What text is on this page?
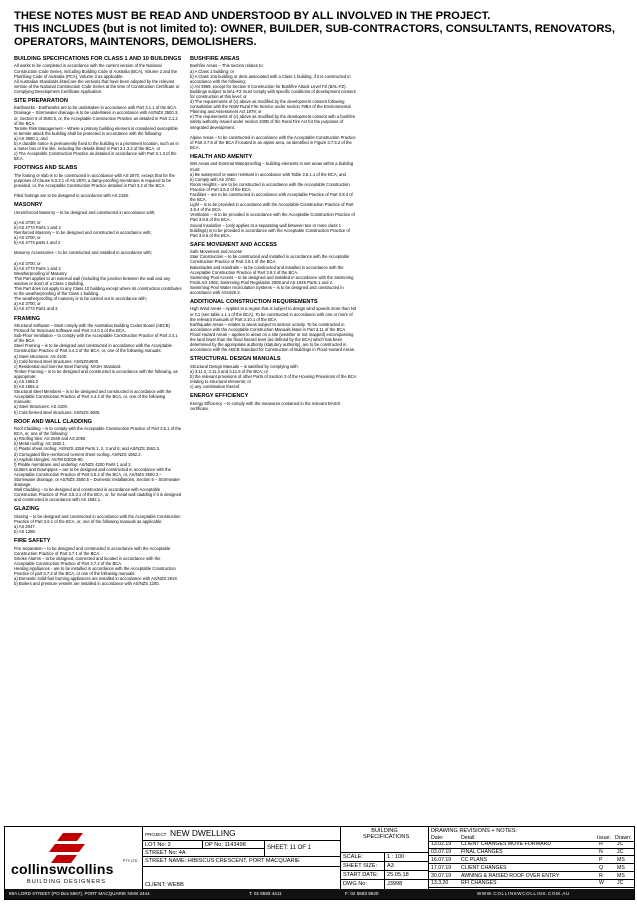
THESE NOTES MUST BE READ AND UNDERSTOOD BY ALL INVOLVED IN THE PROJECT.
THIS INCLUDES (but is not limited to): OWNER, BUILDER, SUB-CONTRACTORS, CONSULTANTS, RENOVATORS, OPERATORS, MAINTENORS, DEMOLISHERS.
BUILDING SPECIFICATIONS FOR CLASS 1 AND 10 BUILDINGS
All works to be completed in accordance with the current version of the National Construction Code Series, including Building Code of Australia (BCA), Volume 2 and the Plumbing Code of Australia (PCA), Volume 3 as applicable.
All Australian Standards listed are the versions that have been adopted by the relevant version of the National Construction Code Series at the time of Construction Certificate or Complying Development Certificate Application.
SITE PREPARATION
Earthworks - Earthworks are to be undertaken in accordance with Part 3.1.1 of the BCA.
Drainage – Stormwater drainage is to be undertaken in accordance with AS/NZS 3500.3, or, Section 5 of 3500.5, or, the Acceptable Construction Practice as detailed in Part 3.1.2 of the BCA.
Termite Risk Management – Where a primary building element is considered susceptible to termite attack the building shall be protected in accordance with the following:
a) AS 3660.1; and
b) A durable notice is permanently fixed to the building in a prominent location, such as in a meter box or the like, including the details listed in Part 3.1.3.2 of the BCA, or
c) The Acceptable Construction Practice as detailed in accordance with Part 3.1.3 of the BCA.
FOOTINGS AND SLABS
The footing or slab is to be constructed in accordance with AS 2870, except that for the purposes of Clause 5.3.3.1 of AS 2870, a damp-proofing membrane is required to be provided, or, the Acceptable Construction Practice detailed in Part 3.2 of the BCA.

Piled footings are to be designed in accordance with AS 2159.
MASONRY
Unreinforced Masonry – to be designed and constructed in accordance with;

a) AS 3700; or
b) AS 4773 Parts 1 and 2
Reinforced Masonry – to be designed and constructed in accordance with;
a) AS 3700; or
b) AS 4773 parts 1 and 2

Masonry Accessories – to be constructed and installed in accordance with;

a) AS 3700; or
b) AS 4773 Parts 1 and 2
Weatherproofing of Masonry
This Part applies to an external wall (including the junction between the wall and any window or door) of a Class 1 Building.
This Part does not apply to any Class 10 building except where its construction contributes to the weatherproofing of the Class 1 building.
The weatherproofing of masonry is to be carried out in accordance with;
a) AS 3700; or
b) AS 4773 Part1 and 2
FRAMING
Structural Software – Must comply with the Australian Building Codes Board (ABCB) Protocol for Structural Software and Part 3.4.0.2 of the BCA.
Sub-Floor Ventilation – to comply with the Acceptable Construction Practice of Part 3.4.1 of the BCA.
Steel Framing – is to be designed and constructed in accordance with the Acceptable Construction Practice of Part 3.4.2 of the BCA, or, one of the following manuals:
a) Steel structures: AS 4100.
b) Cold-formed steel structures: AS/NZS4600.
c) Residential and low-rise steel framing: NASH Standard.
Timber Framing – is to be designed and constructed in accordance with the following, as appropriate:
a) AS 1684.2
b) AS 1684.4.
Structural Steel Members – is to be designed and constructed in accordance with the Acceptable Construction Practice of Part 3.4.4 of the BCA, or, one of the following manuals:
a) Steel Structures: AS 4100.
b) Cold-formed steel structures: AS/NZS 4600.
ROOF AND WALL CLADDING
Roof Cladding – is to comply with the Acceptable Construction Practice of Part 3.5.1 of the BCA, or, one of the following:
a) Roofing tiles: AS 2049 and AS 2050.
b) Metal roofing: AS 1562.1.
c) Plastic sheet roofing: AS/NZS 4256 Parts 1, 2, 3 and 5; and AS/NZS 1562.3.
d) Corrugated fibre-reinforced cement sheet roofing: AS/NZS 1562.2.
e) Asphalt shingles: ASTM D3018-90.
f) Pliable membrane and underlay: AS/NZS 4200 Parts 1 and 2.
Gutters and Downpipes – are to be designed and constructed in accordance with the Acceptable Construction Practice of Part 3.5.2 of the BCA, or, AS/NZS 3500.3 – Stormwater drainage, or AS/NZS 3500.5 – Domestic installations, Section 5 – Stormwater drainage.
Wall Cladding – to be designed and constructed in accordance with Acceptable Construction Practice of Part 3.5.3.1 of the BCA, or, for metal wall cladding if it is designed and constructed in accordance with AS 1562.1.
GLAZING
Glazing – to be designed and constructed in accordance with the Acceptable Construction Practice of Part 3.6.1 of the BCA, or, one of the following manuals as applicable:
a) AS 2047.
b) AS 1288.
FIRE SAFETY
Fire Separation – to be designed and constructed in accordance with the Acceptable Construction Practice of Part 3.7.1 of the BCA.
Smoke Alarms – to be designed, connected and located in accordance with the Acceptable Construction Practice of Part 3.7.2 of the BCA.
Heating Appliances - are to be installed in accordance with the Acceptable Construction Practice of part 3.7.3 of the BCA, or one of the following manuals:
a) Domestic solid-fuel burning appliances are installed in accordance with AS/NZS 2918.
b) Boilers and pressure vessels are installed in accordance with AS/NZS 1200.
BUSHFIRE AREAS
Bushfire Areas – This section relates to:
a) A Class 1 building; or
b) A Class 10a building or deck associated with a Class 1 building, if it is constructed in accordance with the following:
c) AS 3959, except for Section 9 Construction for Bushfire Attack Level FZ (BAL-FZ). Buildings subject to BAL-FZ must comply with specific conditions of development consent for construction at this level; or
d) The requirements of (c) above as modified by the development consent following consultation with the NSW Rural Fire Service under section 79BA of the Environmental Planning and Assessment Act 1979; or
e) The requirements of (c) above as modified by the development consent with a bushfire safety authority issued under section 100B of the Rural Fire Act for the purposes of integrated development.

Alpine Areas – to be constructed in accordance with the Acceptable Construction Practice of Part 3.7.5 of the BCA if located in an alpine area, as identified in Figure 3.7.5.2 of the BCA.
HEALTH AND AMENITY
Wet Areas and External Waterproofing – building elements in wet areas within a building must:
a) Be waterproof or water resistant in accordance with Table 3.8.1.1 of the BCA; and
b) Comply with AS 3740.
Room Heights – are to be constructed in accordance with the Acceptable Construction Practice of Part 3.8.2 of the BCA.
Facilities – are to be constructed in accordance with Acceptable Practice of Part 3.8.3 of the BCA.
Light – is to be provided in accordance with the Acceptable Construction Practice of Part 3.8.4 of the BCA.
Ventilation – is to be provided in accordance with the Acceptable Construction Practice of Part 3.8.5 of the BCA.
Sound Insulation – (only applies to a separating wall between two or more class 1 buildings) is to be provided in accordance with the Acceptable Construction Practice of Part 3.8.6 of the BCA.
SAFE MOVEMENT AND ACCESS
Safe Movement and Access
Stair Construction – to be constructed and installed in accordance with the Acceptable Construction Practice of Part 3.9.1 of the BCA.
Balustrades and Handrails – to be constructed and installed in accordance with the Acceptable Construction Practice of Part 3.9.2 of the BCA.
Swimming Pool Access – to be designed and installed in accordance with the Swimming Pools Act 1992, Swimming Pool Regulation 2008 and AS 1926 Parts 1 and 2.
Swimming Pool Water recirculation Systems – is to be designed and constructed in accordance with AS1926.3.
ADDITIONAL CONSTRUCTION REQUIREMENTS
High Wind Areas – Applies to a region that is subject to design wind speeds more than N3 or C1 (see table 1.1.1 of the BCA). To be constructed in accordance with one or more of the relevant manuals of Part 3.10.1 of the BCA
Earthquake Areas – relates to areas subject to seismic activity. To be constructed in accordance with the Acceptable Construction Manuals listed in Part 3.11 of the BCA.
Flood Hazard Areas – applies to areas on a site (weather or not mapped) encompassing the land lower than the flood hazard level (as defined by the BCA) which has been determined by the appropriate authority (statutory authority), are to be constructed in accordance with the ABCB Standard for Construction of Buildings in Flood Hazard Areas.
STRUCTURAL DESIGN MANUALS
Structural Design Manuals – is satisfied by complying with:
a) 3.11.2, 3.11.3 and 3.11.6 of the BCA; or
b) the relevant provisions of other Parts of Section 3 of the Housing Provisions of the BCA relating to structural elements; or
c) any combination thereof.
ENERGY EFFICIENCY
Energy Efficiency – to comply with the measures contained in the relevant BASIX certificate.
collinswcollins	PTY LTD
BUILDING DESIGNERS
PROJECT NEW DWELLING
LOT No: 2	DP No: 1143498	SHEET: 11 OF 1
STREET No: 4A
STREET NAME: HIBISCUS CRESCENT, PORT MACQUARIE
CLIENT: WEBB
BUILDING SPECIFICATIONS
SCALE:	1 : 100
SHEET SIZE:	A3
START DATE:	25.05.18
DWG No:	J3998
DRAWING REVISIONS + NOTES:
Date:	Detail:	Issue: Drawn:
13.02.19 CLIENT CHANGES MOVE FORWARD	H	JC
03.07.19 FINAL CHANGES	N	JC
16.07.19 CC PLANS	P	MS
17.07.19 CLIENT CHANGES	Q	MS
30.07.19 AWNING & RAISED ROOF OVER ENTRY	R	MS
13.3.20 RFI CHANGES	W	JC
89A LORD STREET (PO Box 5667), PORT MACQUARIE NSW 2444	T: 02 6583 4411	F: 02 6583 9820	WWW.COLLINSWCOLLINS.COM.AU
